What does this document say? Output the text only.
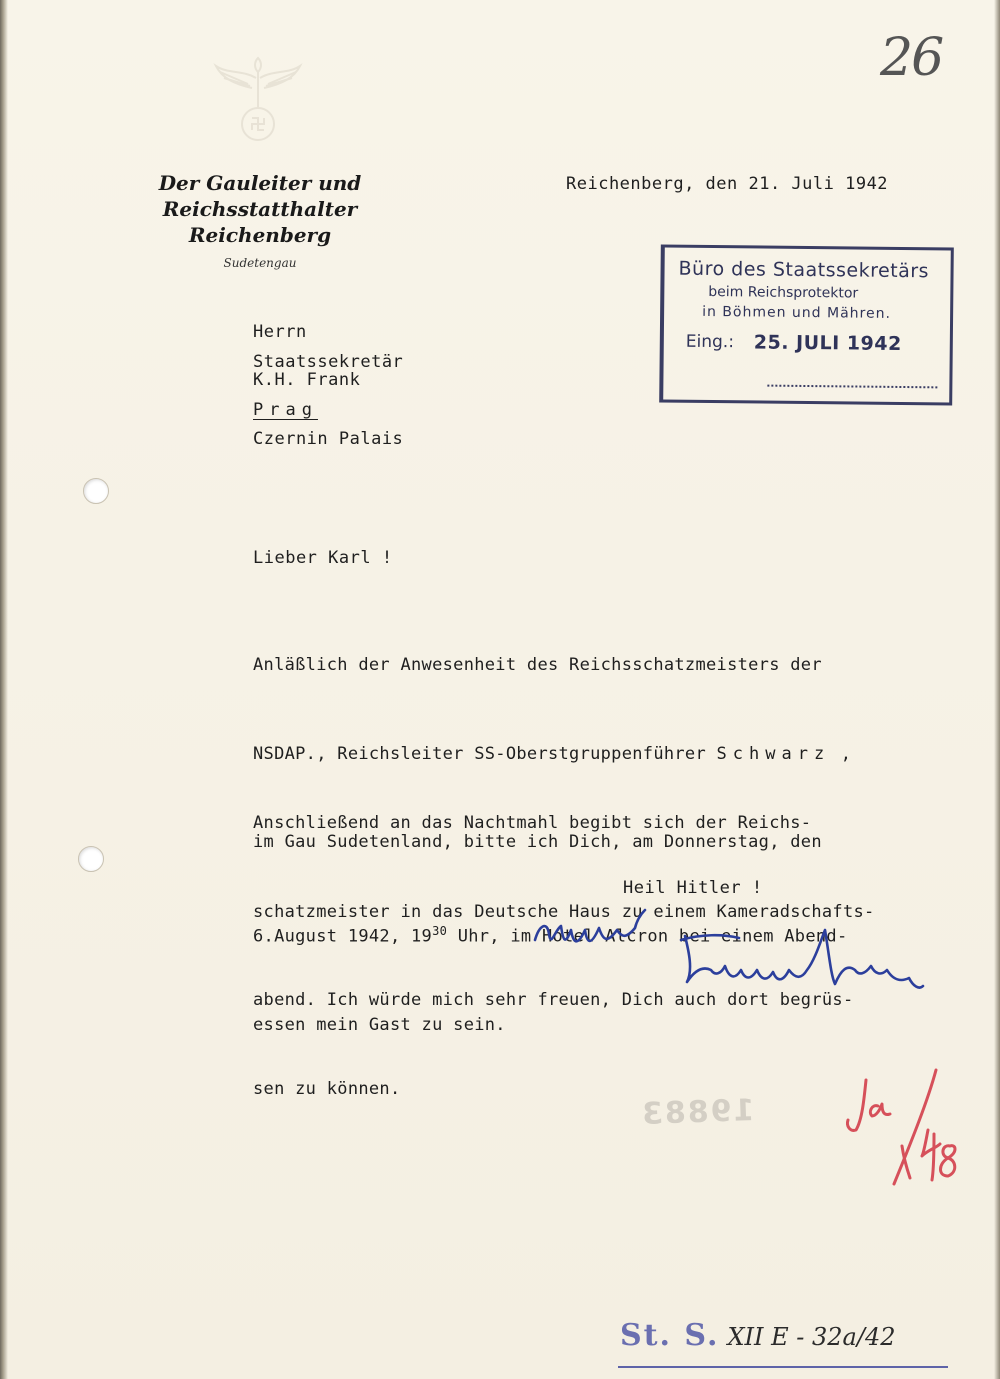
26
Der Gauleiter und Reichsstatthalter
Reichenberg
Sudetengau
Reichenberg, den 21. Juli 1942
Büro des Staatssekretärs
beim Reichsprotektor
in Böhmen und Mähren.
Eing.: 25. JULI 1942
Herrn
Staatssekretär
K.H. Frank
Prag
Czernin Palais
Lieber Karl !

Anläßlich der Anwesenheit des Reichsschatzmeisters der

NSDAP., Reichsleiter SS-Oberstgruppenführer Schwarz ,

im Gau Sudetenland, bitte ich Dich, am Donnerstag, den

6.August 1942, $19^{30}$ Uhr, im Hotel Alcron bei einem Abend-

essen mein Gast zu sein.

Anschließend an das Nachtmahl begibt sich der Reichs-

schatzmeister in das Deutsche Haus zu einem Kameradschafts-

abend. Ich würde mich sehr freuen, Dich auch dort begrüs-

sen zu können.

Heil Hitler !
19883
St. S. XII E - 32a/42
